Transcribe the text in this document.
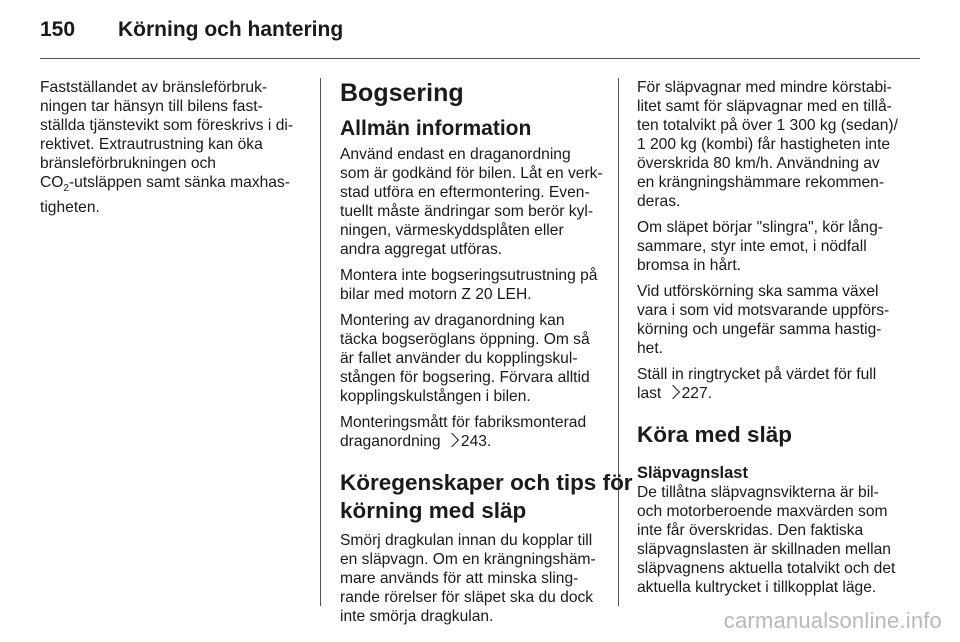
150	Körning och hantering

Fastställandet av bränsleförbruk-
ningen tar hänsyn till bilens fast-
ställda tjänstevikt som föreskrivs i di-
rektivet. Extrautrustning kan öka
bränsleförbrukningen och
$CO_2$-utsläppen samt sänka maxhas-
tigheten.

Bogsering
Allmän information

Använd endast en draganordning
som är godkänd för bilen. Låt en verk-
stad utföra en eftermontering. Even-
tuellt måste ändringar som berör kyl-
ningen, värmeskyddsplåten eller
andra aggregat utföras.

Montera inte bogseringsutrustning på
bilar med motorn Z 20 LEH.

Montering av draganordning kan
täcka bogseröglans öppning. Om så
är fallet använder du kopplingskul-
stången för bogsering. Förvara alltid
kopplingskulstången i bilen.

Monteringsmått för fabriksmonterad
draganordning 243.

Köregenskaper och tips för
körning med släp

Smörj dragkulan innan du kopplar till
en släpvagn. Om en krängningshäm-
mare används för att minska sling-
rande rörelser för släpet ska du dock
inte smörja dragkulan.

För släpvagnar med mindre körstabi-
litet samt för släpvagnar med en tillå-
ten totalvikt på över 1 300 kg (sedan)/
1 200 kg (kombi) får hastigheten inte
överskrida 80 km/h. Användning av
en krängningshämmare rekommen-
deras.

Om släpet börjar "slingra", kör lång-
sammare, styr inte emot, i nödfall
bromsa in hårt.

Vid utförskörning ska samma växel
vara i som vid motsvarande uppförs-
körning och ungefär samma hastig-
het.

Ställ in ringtrycket på värdet för full
last 227.

Köra med släp
Släpvagnslast

De tillåtna släpvagnsvikterna är bil-
och motorberoende maxvärden som
inte får överskridas. Den faktiska
släpvagnslasten är skillnaden mellan
släpvagnens aktuella totalvikt och det
aktuella kultrycket i tillkopplat läge.

carmanualsonline.info
